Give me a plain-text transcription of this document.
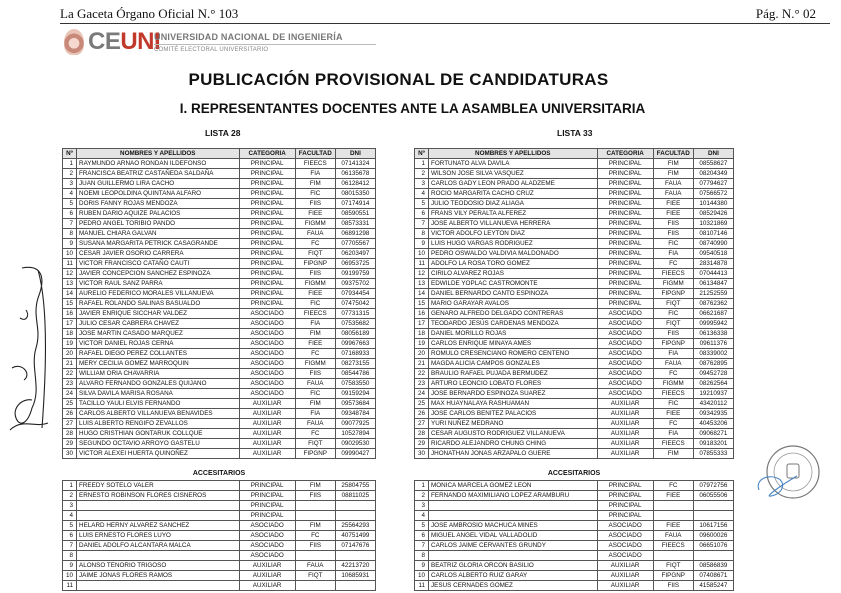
La Gaceta Órgano Oficial N.° 103	Pág. N.° 02
CEUNI
UNIVERSIDAD NACIONAL DE INGENIERÍA
COMITÉ ELECTORAL UNIVERSITARIO
PUBLICACIÓN PROVISIONAL DE CANDIDATURAS
I. REPRESENTANTES DOCENTES ANTE LA ASAMBLEA UNIVERSITARIA
LISTA 28	LISTA 33
Nº	NOMBRES Y APELLIDOS	CATEGORIA	FACULTAD	DNI
1	RAYMUNDO ARNAO RONDAN ILDEFONSO	PRINCIPAL	FIEECS	07141324
2	FRANCISCA BEATRIZ CASTAÑEDA SALDAÑA	PRINCIPAL	FIA	06135678
3	JUAN GUILLERMO LIRA CACHO	PRINCIPAL	FIM	06128412
4	NOEMI LEOPOLDINA QUINTANA ALFARO	PRINCIPAL	FIC	08015350
5	DORIS FANNY ROJAS MENDOZA	PRINCIPAL	FIIS	07174914
6	RUBEN DARIO AQUIZE PALACIOS	PRINCIPAL	FIEE	08590551
7	PEDRO ANGEL TORIBIO PANDO	PRINCIPAL	FIGMM	08573331
8	MANUEL CHIARA GALVAN	PRINCIPAL	FAUA	06891298
9	SUSANA MARGARITA PETRICK CASAGRANDE	PRINCIPAL	FC	07705567
10	CESAR JAVIER OSORIO CARRERA	PRINCIPAL	FIQT	06203497
11	VICTOR FRANCISCO CATAÑO CAUTI	PRINCIPAL	FIPGNP	06953725
12	JAVIER CONCEPCION SANCHEZ ESPINOZA	PRINCIPAL	FIIS	09199759
13	VICTOR RAUL SANZ PARRA	PRINCIPAL	FIGMM	09375702
14	AURELIO FEDERICO MORALES VILLANUEVA	PRINCIPAL	FIEE	07934454
15	RAFAEL ROLANDO SALINAS BASUALDO	PRINCIPAL	FIC	07475042
16	JAVIER ENRIQUE SICCHAR VALDEZ	ASOCIADO	FIEECS	07731315
17	JULIO CESAR CABRERA CHAVEZ	ASOCIADO	FIA	07535682
18	JOSE MARTIN CASADO MARQUEZ	ASOCIADO	FIM	08056189
19	VICTOR DANIEL ROJAS CERNA	ASOCIADO	FIEE	09967663
20	RAFAEL DIEGO PEREZ COLLANTES	ASOCIADO	FC	07168933
21	MERY CECILIA GOMEZ MARROQUIN	ASOCIADO	FIGMM	08273155
22	WILLIAM ORIA CHAVARRIA	ASOCIADO	FIIS	08544786
23	ALVARO FERNANDO GONZALES QUIJANO	ASOCIADO	FAUA	07583550
24	SILVA DAVILA MARISA ROSANA	ASOCIADO	FIC	09159294
25	TACILLO YAULI ELVIS FERNANDO	AUXILIAR	FIM	09573684
26	CARLOS ALBERTO VILLANUEVA BENAVIDES	AUXILIAR	FIA	09348784
27	LUIS ALBERTO RENGIFO ZEVALLOS	AUXILIAR	FAUA	09077925
28	HUGO CRISTHIAN GONTARUK COLLQUE	AUXILIAR	FC	10527894
29	SEGUNDO OCTAVIO ARROYO GASTELU	AUXILIAR	FIQT	09029530
30	VICTOR ALEXEI HUERTA QUINOÑEZ	AUXILIAR	FIPGNP	09990427
ACCESITARIOS
1	FREEDY SOTELO VALER	PRINCIPAL	FIM	25804755
2	ERNESTO ROBINSON FLORES CISNEROS	PRINCIPAL	FIIS	08811025
3		PRINCIPAL		
4		PRINCIPAL		
5	HELARD HERNY ALVAREZ SANCHEZ	ASOCIADO	FIM	25564293
6	LUIS ERNESTO FLORES LUYO	ASOCIADO	FC	40751499
7	DANIEL ADOLFO ALCANTARA MALCA	ASOCIADO	FIIS	07147676
8		ASOCIADO		
9	ALONSO TENORIO TRIGOSO	AUXILIAR	FAUA	42213720
10	JAIME JONAS FLORES RAMOS	AUXILIAR	FIQT	10685931
11		AUXILIAR		
Nº	NOMBRES Y APELLIDOS	CATEGORIA	FACULTAD	DNI
1	FORTUNATO ALVA DAVILA	PRINCIPAL	FIM	08558627
2	WILSON JOSE SILVA VASQUEZ	PRINCIPAL	FIM	08204349
3	CARLOS GADY LEON PRADO ALADZEME	PRINCIPAL	FAUA	07794627
4	ROCIO MARGARITA CACHO CRUZ	PRINCIPAL	FAUA	07566572
5	JULIO TEODOSIO DIAZ ALIAGA	PRINCIPAL	FIEE	10144380
6	FRANS VILY PERALTA ALFEREZ	PRINCIPAL	FIEE	08529426
7	JOSE ALBERTO VILLANUEVA HERRERA	PRINCIPAL	FIIS	10321869
8	VICTOR ADOLFO LEYTON DIAZ	PRINCIPAL	FIIS	08107146
9	LUIS HUGO VARGAS RODRIGUEZ	PRINCIPAL	FIC	08740990
10	PEDRO OSWALDO VALDIVIA MALDONADO	PRINCIPAL	FIA	09540518
11	ADOLFO LA ROSA TORO GOMEZ	PRINCIPAL	FC	28314878
12	CIRILO ALVAREZ ROJAS	PRINCIPAL	FIEECS	07044413
13	EDWILDE YOPLAC CASTROMONTE	PRINCIPAL	FIGMM	06134847
14	DANIEL BERNARDO CANTO ESPINOZA	PRINCIPAL	FIPGNP	21252559
15	MARIO GARAYAR AVALOS	PRINCIPAL	FIQT	08762362
16	GENARO ALFREDO DELGADO CONTRERAS	ASOCIADO	FIC	06621687
17	TEODARDO JESÚS CARDENAS MENDOZA	ASOCIADO	FIQT	09995942
18	DANIEL MORILLO ROJAS	ASOCIADO	FIIS	06136338
19	CARLOS ENRIQUE MINAYA AMES	ASOCIADO	FIPGNP	09611376
20	ROMULO CRESENCIANO ROMERO CENTENO	ASOCIADO	FIA	08339002
21	MAGDA ALICIA CAMPOS GONZALES	ASOCIADO	FAUA	08762895
22	BRAULIO RAFAEL PUJADA BERMUDEZ	ASOCIADO	FC	09452728
23	ARTURO LEONCIO LOBATO FLORES	ASOCIADO	FIGMM	08262564
24	JOSE BERNARDO ESPINOZA SUAREZ	ASOCIADO	FIEECS	19210937
25	MAX HUAYNALAYA RASHUAMAN	AUXILIAR	FIC	43420112
26	JOSE CARLOS BENITEZ PALACIOS	AUXILIAR	FIEE	09342935
27	YURI NUÑEZ MEDRANO	AUXILIAR	FC	40453206
28	CESAR AUGUSTO RODRIGUEZ VILLANUEVA	AUXILIAR	FIA	09068271
29	RICARDO ALEJANDRO CHUNG CHING	AUXILIAR	FIEECS	09183201
30	JHONATHAN JONAS ARZAPALO GUERE	AUXILIAR	FIM	07855333
ACCESITARIOS
1	MONICA MARCELA GOMEZ LEON	PRINCIPAL	FC	07972756
2	FERNANDO MAXIMILIANO LOPEZ ARAMBURU	PRINCIPAL	FIEE	06055506
3		PRINCIPAL		
4		PRINCIPAL		
5	JOSE AMBROSIO MACHUCA MINES	ASOCIADO	FIEE	10617156
6	MIGUEL ANGEL VIDAL VALLADOLID	ASOCIADO	FAUA	09600026
7	CARLOS JAIME CERVANTES GRUNDY	ASOCIADO	FIEECS	06651076
8		ASOCIADO		
9	BEATRIZ GLORIA ORCON BASILIO	AUXILIAR	FIQT	08586839
10	CARLOS ALBERTO RUIZ GARAY	AUXILIAR	FIPGNP	07408671
11	JESUS CERNADES GOMEZ	AUXILIAR	FIIS	41585247
